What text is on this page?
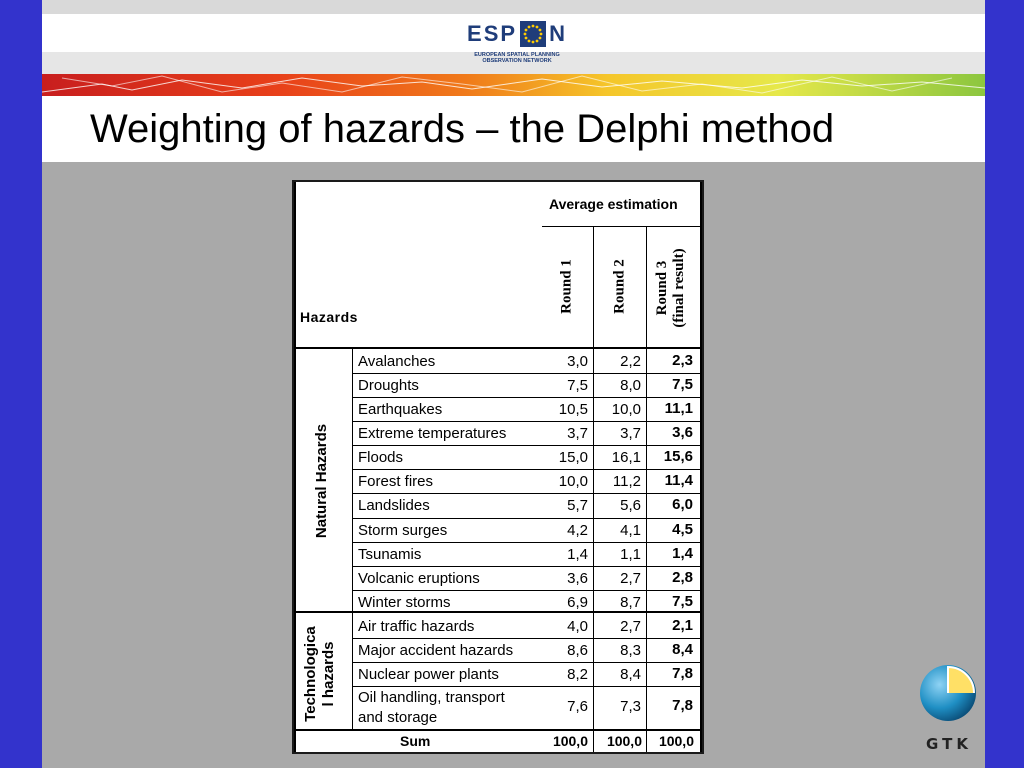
ESP N
EUROPEAN SPATIAL PLANNING
OBSERVATION NETWORK
Weighting of hazards – the Delphi method
Average estimation
Hazards
Round 1 Round 2 Round 3 (final result)
Natural Hazards
Technologica l hazards
Avalanches	3,0	2,2	2,3
Droughts	7,5	8,0	7,5
Earthquakes	10,5	10,0	11,1
Extreme temperatures	3,7	3,7	3,6
Floods	15,0	16,1	15,6
Forest fires	10,0	11,2	11,4
Landslides	5,7	5,6	6,0
Storm surges	4,2	4,1	4,5
Tsunamis	1,4	1,1	1,4
Volcanic eruptions	3,6	2,7	2,8
Winter storms	6,9	8,7	7,5
Air traffic hazards	4,0	2,7	2,1
Major accident hazards	8,6	8,3	8,4
Nuclear power plants	8,2	8,4	7,8
Oil handling, transport
and storage
7,6	7,3	7,8
Sum	100,0	100,0	100,0	GTK
